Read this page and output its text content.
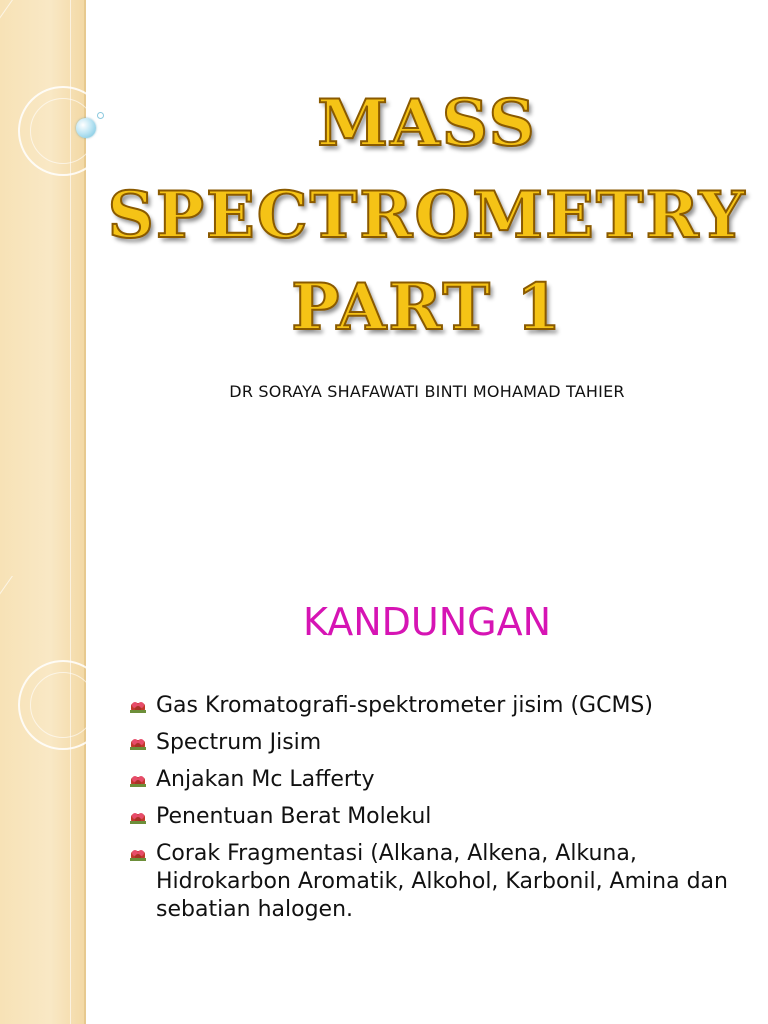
MASS
SPECTROMETRY
PART 1

DR SORAYA SHAFAWATI BINTI MOHAMAD TAHIER

KANDUNGAN
Gas Kromatografi-spektrometer jisim (GCMS)
Spectrum Jisim
Anjakan Mc Lafferty
Penentuan Berat Molekul
Corak Fragmentasi (Alkana, Alkena, Alkuna, Hidrokarbon Aromatik, Alkohol, Karbonil, Amina dan sebatian halogen.
